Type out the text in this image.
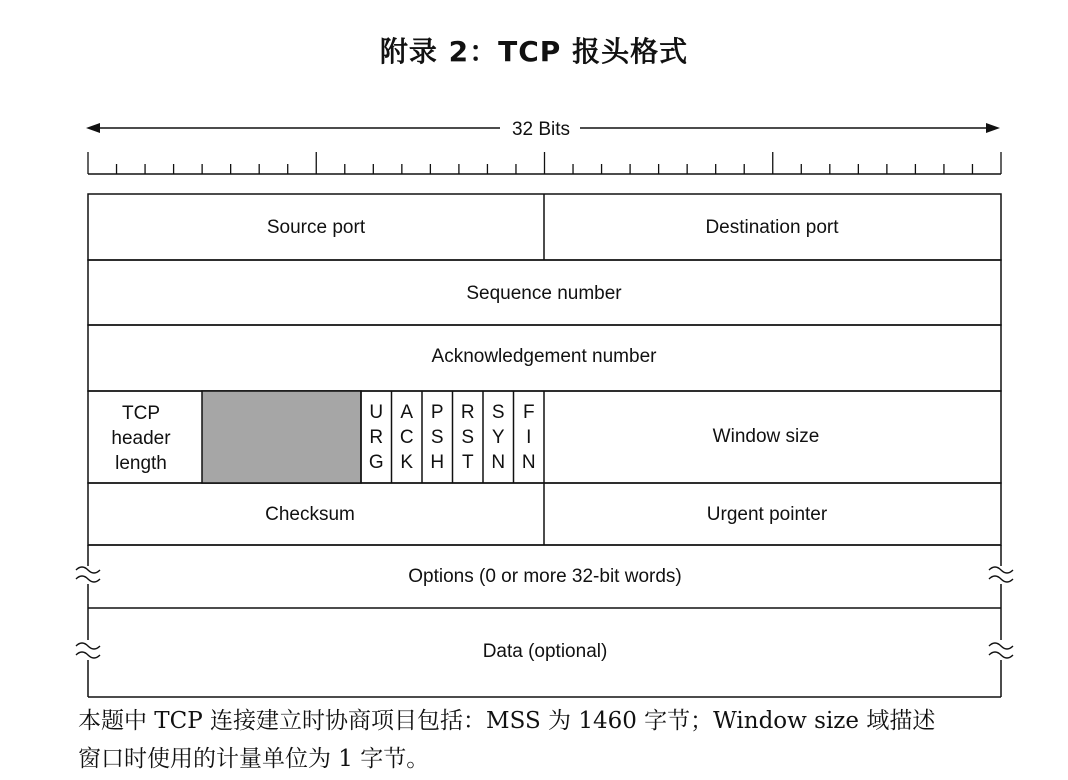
附录 2：TCP 报头格式
32 Bits
U
R
G
A
C
K
P
S
H
R
S
T
S
Y
N
F
I
N
Source port	Destination port
Sequence number
Acknowledgement number
TCP
header
length
Window size
Checksum	Urgent pointer
Options (0 or more 32-bit words)
Data (optional)

本题中 TCP 连接建立时协商项目包括：MSS 为 1460 字节；Window size 域描述

窗口时使用的计量单位为 1 字节。
